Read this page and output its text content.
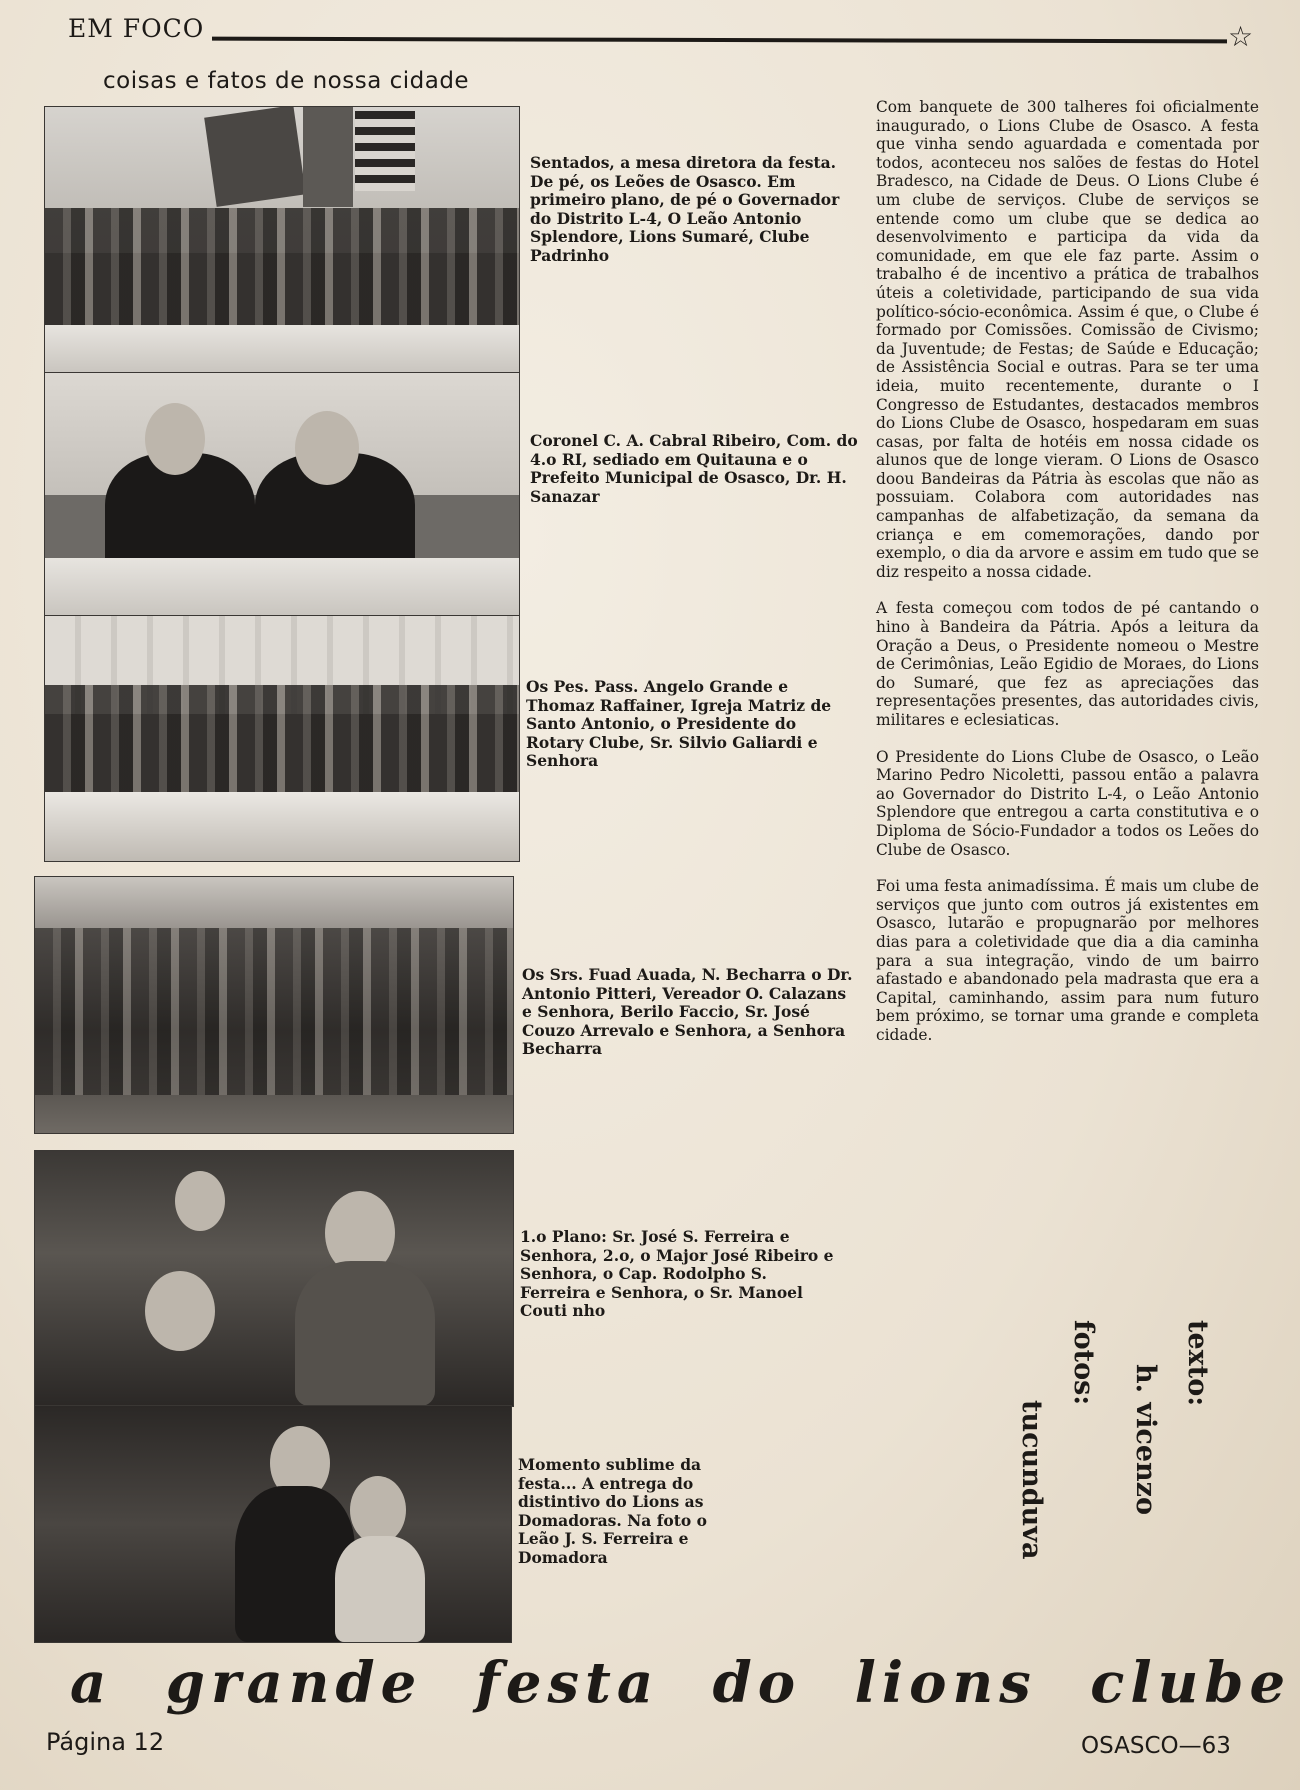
EM FOCO	☆
coisas e fatos de nossa cidade

Sentados, a mesa diretora da festa. De pé, os Leões de Osasco. Em primeiro plano, de pé o Governador do Distrito L-4, O Leão Antonio Splendore, Lions Sumaré, Clube Padrinho

Coronel C. A. Cabral Ribeiro, Com. do 4.o RI, sediado em Quitauna e o Prefeito Municipal de Osasco, Dr. H. Sanazar

Os Pes. Pass. Angelo Grande e Thomaz Raffainer, Igreja Matriz de Santo Antonio, o Presidente do Rotary Clube, Sr. Silvio Galiardi e Senhora

Os Srs. Fuad Auada, N. Becharra o Dr. Antonio Pitteri, Vereador O. Calazans e Senhora, Berilo Faccio, Sr. José Couzo Arrevalo e Senhora, a Senhora Becharra

1.o Plano: Sr. José S. Ferreira e Senhora, 2.o, o Major José Ribeiro e Senhora, o Cap. Rodolpho S. Ferreira e Senhora, o Sr. Manoel Couti nho

Momento sublime da festa... A entrega do distintivo do Lions as Domadoras. Na foto o Leão J. S. Ferreira e Domadora

Com banquete de 300 talheres foi oficialmente inaugurado, o Lions Clube de Osasco. A festa que vinha sendo aguardada e comentada por todos, aconteceu nos salões de festas do Hotel Bradesco, na Cidade de Deus. O Lions Clube é um clube de serviços. Clube de serviços se entende como um clube que se dedica ao desenvolvimento e participa da vida da comunidade, em que ele faz parte. Assim o trabalho é de incentivo a prática de trabalhos úteis a coletividade, participando de sua vida político-sócio-econômica. Assim é que, o Clube é formado por Comissões. Comissão de Civismo; da Juventude; de Festas; de Saúde e Educação; de Assistência Social e outras. Para se ter uma ideia, muito recentemente, durante o I Congresso de Estudantes, destacados membros do Lions Clube de Osasco, hospedaram em suas casas, por falta de hotéis em nossa cidade os alunos que de longe vieram. O Lions de Osasco doou Bandeiras da Pátria às escolas que não as possuiam. Colabora com autoridades nas campanhas de alfabetização, da semana da criança e em comemorações, dando por exemplo, o dia da arvore e assim em tudo que se diz respeito a nossa cidade.

A festa começou com todos de pé cantando o hino à Bandeira da Pátria. Após a leitura da Oração a Deus, o Presidente nomeou o Mestre de Cerimônias, Leão Egidio de Moraes, do Lions do Sumaré, que fez as apreciações das representações presentes, das autoridades civis, militares e eclesiaticas.

O Presidente do Lions Clube de Osasco, o Leão Marino Pedro Nicoletti, passou então a palavra ao Governador do Distrito L-4, o Leão Antonio Splendore que entregou a carta constitutiva e o Diploma de Sócio-Fundador a todos os Leões do Clube de Osasco.

Foi uma festa animadíssima. É mais um clube de serviços que junto com outros já existentes em Osasco, lutarão e propugnarão por melhores dias para a coletividade que dia a dia caminha para a sua integração, vindo de um bairro afastado e abandonado pela madrasta que era a Capital, caminhando, assim para num futuro bem próximo, se tornar uma grande e completa cidade.

texto:
h. vicenzo
fotos:
tucunduva
a grande festa do lions clube
Página 12	OSASCO—63
